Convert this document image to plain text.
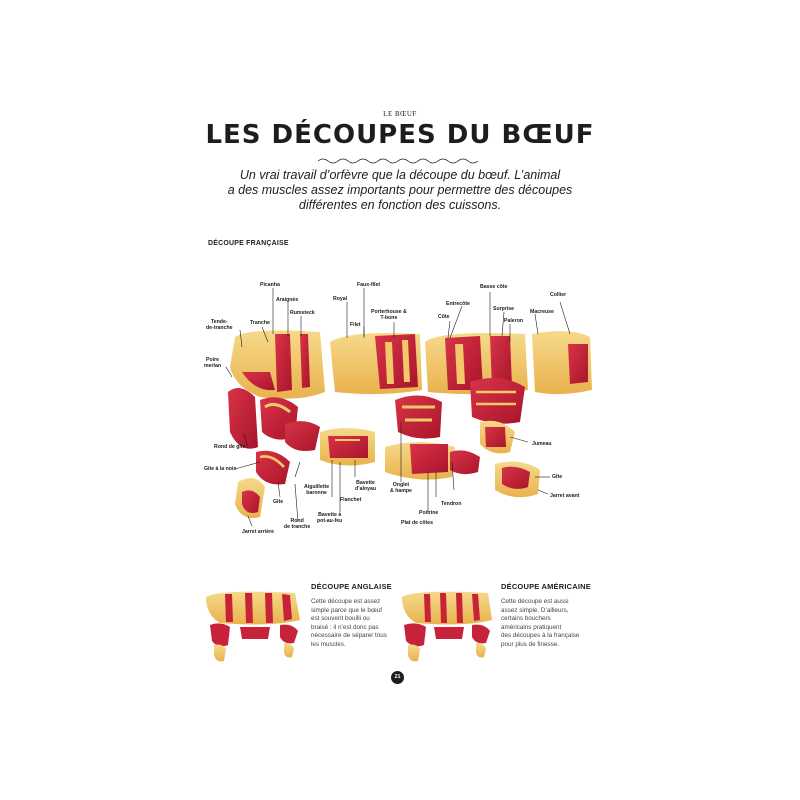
LE BŒUF
LES DÉCOUPES DU BŒUF
Un vrai travail d’orfèvre que la découpe du bœuf. L’animal
a des muscles assez importants pour permettre des découpes
différentes en fonction des cuissons.
DÉCOUPE FRANÇAISE
Picanha
Araignée
Rumsteck
Tende-
de-tranche
Tranche
Poire
merlan
Royal
Faux-filet
Filet
Porterhouse &
T-bone
Entrecôte
Côte
Basse côte
Surprise
Paleron
Macreuse
Collier
Rond de gîte
Gîte à la noix
Aiguillette
baronne
Bavette
d’aloyau
Flanchet
Bavette à
pot-au-feu
Gîte
Rond
de tranche
Jarret arrière
Onglet
& hampe
Poitrine
Plat de côtes
Tendron
Jumeau
Gîte
Jarret avant
DÉCOUPE ANGLAISE
Cette découpe est assez
simple parce que le bœuf
est souvent bouilli ou
braisé : il n’est donc pas
nécessaire de séparer tous
les muscles.
DÉCOUPE AMÉRICAINE
Cette découpe est aussi
assez simple. D’ailleurs,
certains bouchers
américains pratiquent
des découpes à la française
pour plus de finesse.
21
